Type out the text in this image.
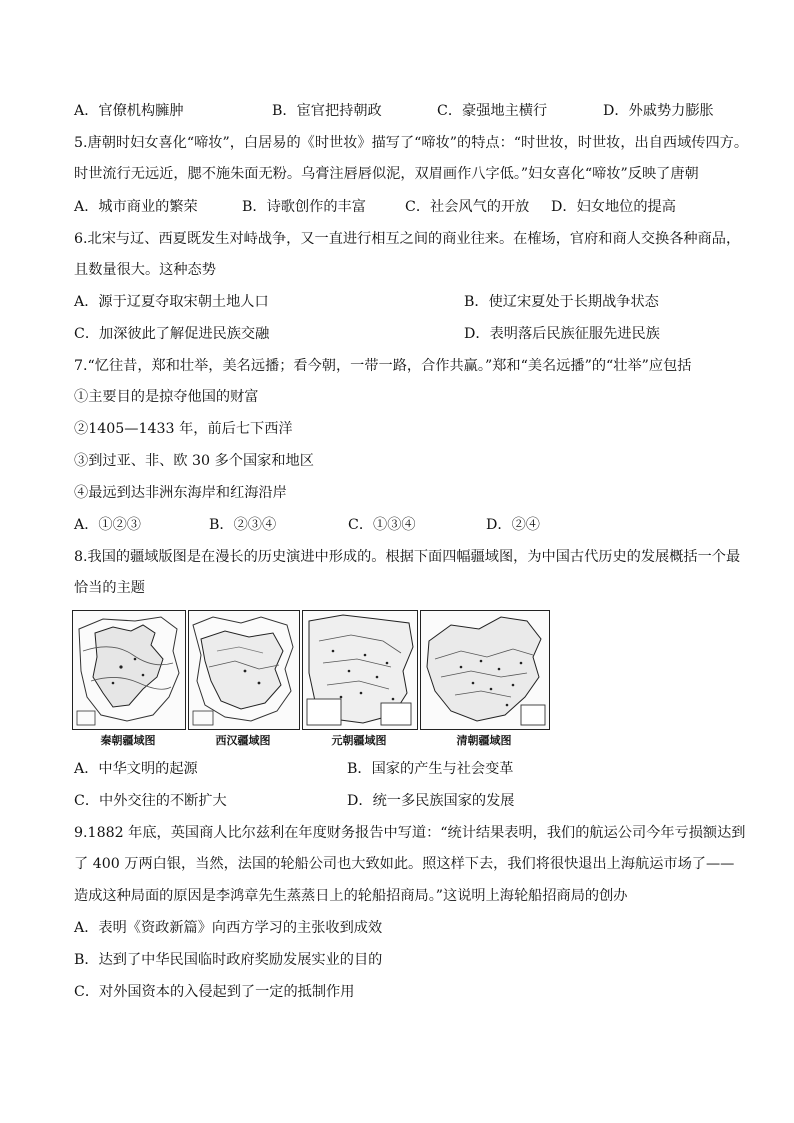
A．官僚机构臃肿	B．宦官把持朝政	C．豪强地主横行	D．外戚势力膨胀
5.唐朝时妇女喜化“啼妆”，白居易的《时世妆》描写了“啼妆”的特点：“时世妆，时世妆，出自西域传四方。
时世流行无远近，腮不施朱面无粉。乌膏注唇唇似泥，双眉画作八字低。”妇女喜化“啼妆”反映了唐朝
A．城市商业的繁荣	B．诗歌创作的丰富	C．社会风气的开放 D．妇女地位的提高
6.北宋与辽、西夏既发生对峙战争，又一直进行相互之间的商业往来。在榷场，官府和商人交换各种商品，
且数量很大。这种态势
A．源于辽夏夺取宋朝土地人口	B．使辽宋夏处于长期战争状态
C．加深彼此了解促进民族交融	D．表明落后民族征服先进民族
7.“忆往昔，郑和壮举，美名远播；看今朝，一带一路，合作共赢。”郑和“美名远播”的“壮举”应包括
①主要目的是掠夺他国的财富
②1405—1433 年，前后七下西洋
③到过亚、非、欧 30 多个国家和地区
④最远到达非洲东海岸和红海沿岸
A．①②③	B．②③④	C．①③④	D．②④
8.我国的疆域版图是在漫长的历史演进中形成的。根据下面四幅疆域图，为中国古代历史的发展概括一个最
恰当的主题
秦朝疆域图	西汉疆域图	元朝疆域图	清朝疆域图
A．中华文明的起源	B．国家的产生与社会变革
C．中外交往的不断扩大	D．统一多民族国家的发展
9.1882 年底，英国商人比尔兹利在年度财务报告中写道：“统计结果表明，我们的航运公司今年亏损额达到
了 400 万两白银，当然，法国的轮船公司也大致如此。照这样下去，我们将很快退出上海航运市场了——
造成这种局面的原因是李鸿章先生蒸蒸日上的轮船招商局。”这说明上海轮船招商局的创办
A．表明《资政新篇》向西方学习的主张收到成效
B．达到了中华民国临时政府奖励发展实业的目的
C．对外国资本的入侵起到了一定的抵制作用
